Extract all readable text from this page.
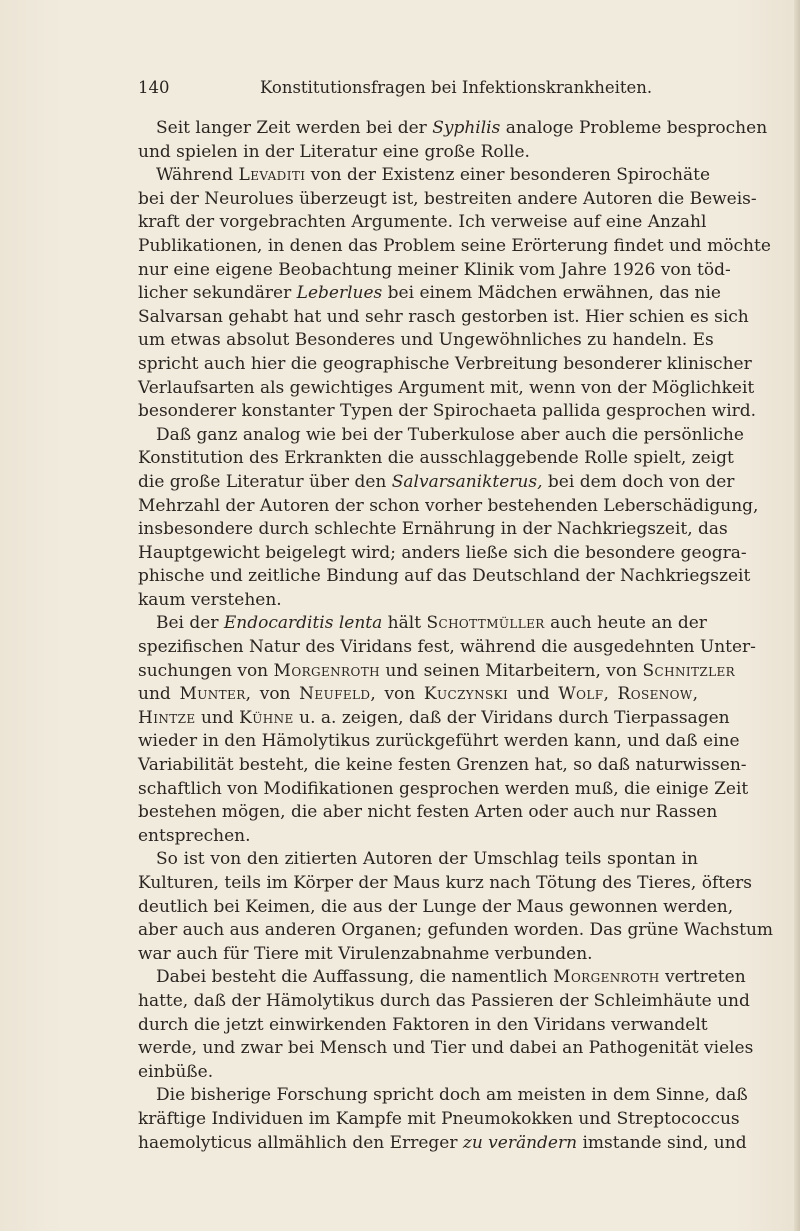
140	Konstitutionsfragen bei Infektionskrankheiten.
Seit langer Zeit werden bei der Syphilis analoge Probleme besprochen
und spielen in der Literatur eine große Rolle.
Während Levaditi von der Existenz einer besonderen Spirochäte
bei der Neurolues überzeugt ist, bestreiten andere Autoren die Beweis-
kraft der vorgebrachten Argumente. Ich verweise auf eine Anzahl
Publikationen, in denen das Problem seine Erörterung findet und möchte
nur eine eigene Beobachtung meiner Klinik vom Jahre 1926 von töd-
licher sekundärer Leberlues bei einem Mädchen erwähnen, das nie
Salvarsan gehabt hat und sehr rasch gestorben ist. Hier schien es sich
um etwas absolut Besonderes und Ungewöhnliches zu handeln. Es
spricht auch hier die geographische Verbreitung besonderer klinischer
Verlaufsarten als gewichtiges Argument mit, wenn von der Möglichkeit
besonderer konstanter Typen der Spirochaeta pallida gesprochen wird.
Daß ganz analog wie bei der Tuberkulose aber auch die persönliche
Konstitution des Erkrankten die ausschlaggebende Rolle spielt, zeigt
die große Literatur über den Salvarsanikterus, bei dem doch von der
Mehrzahl der Autoren der schon vorher bestehenden Leberschädigung,
insbesondere durch schlechte Ernährung in der Nachkriegszeit, das
Hauptgewicht beigelegt wird; anders ließe sich die besondere geogra-
phische und zeitliche Bindung auf das Deutschland der Nachkriegszeit
kaum verstehen.
Bei der Endocarditis lenta hält Schottmüller auch heute an der
spezifischen Natur des Viridans fest, während die ausgedehnten Unter-
suchungen von Morgenroth und seinen Mitarbeitern, von Schnitzler
und Munter, von Neufeld, von Kuczynski und Wolf, Rosenow,
Hintze und Kühne u. a. zeigen, daß der Viridans durch Tierpassagen
wieder in den Hämolytikus zurückgeführt werden kann, und daß eine
Variabilität besteht, die keine festen Grenzen hat, so daß naturwissen-
schaftlich von Modifikationen gesprochen werden muß, die einige Zeit
bestehen mögen, die aber nicht festen Arten oder auch nur Rassen
entsprechen.
So ist von den zitierten Autoren der Umschlag teils spontan in
Kulturen, teils im Körper der Maus kurz nach Tötung des Tieres, öfters
deutlich bei Keimen, die aus der Lunge der Maus gewonnen werden,
aber auch aus anderen Organen; gefunden worden. Das grüne Wachstum
war auch für Tiere mit Virulenzabnahme verbunden.
Dabei besteht die Auffassung, die namentlich Morgenroth vertreten
hatte, daß der Hämolytikus durch das Passieren der Schleimhäute und
durch die jetzt einwirkenden Faktoren in den Viridans verwandelt
werde, und zwar bei Mensch und Tier und dabei an Pathogenität vieles
einbüße.
Die bisherige Forschung spricht doch am meisten in dem Sinne, daß
kräftige Individuen im Kampfe mit Pneumokokken und Streptococcus
haemolyticus allmählich den Erreger zu verändern imstande sind, und
